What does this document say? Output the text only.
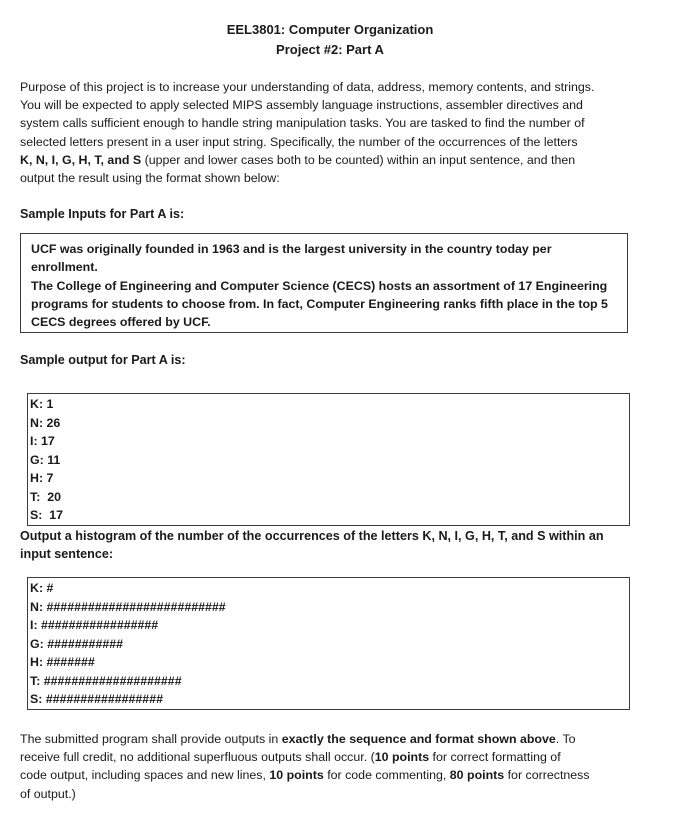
EEL3801: Computer Organization
Project #2: Part A
Purpose of this project is to increase your understanding of data, address, memory contents, and strings.
You will be expected to apply selected MIPS assembly language instructions, assembler directives and
system calls sufficient enough to handle string manipulation tasks. You are tasked to find the number of
selected letters present in a user input string. Specifically, the number of the occurrences of the letters
K, N, I, G, H, T, and S (upper and lower cases both to be counted) within an input sentence, and then
output the result using the format shown below:
Sample Inputs for Part A is:
UCF was originally founded in 1963 and is the largest university in the country today per enrollment.
The College of Engineering and Computer Science (CECS) hosts an assortment of 17 Engineering
programs for students to choose from. In fact, Computer Engineering ranks fifth place in the top 5
CECS degrees offered by UCF.
Sample output for Part A is:
K: 1
N: 26
I: 17
G: 11
H: 7
T:  20
S:  17
Output a histogram of the number of the occurrences of the letters K, N, I, G, H, T, and S within an
input sentence:
K: #
N: ##########################
I: #################
G: ###########
H: #######
T: ####################
S: #################
The submitted program shall provide outputs in exactly the sequence and format shown above. To
receive full credit, no additional superfluous outputs shall occur. (10 points for correct formatting of
code output, including spaces and new lines, 10 points for code commenting, 80 points for correctness
of output.)
